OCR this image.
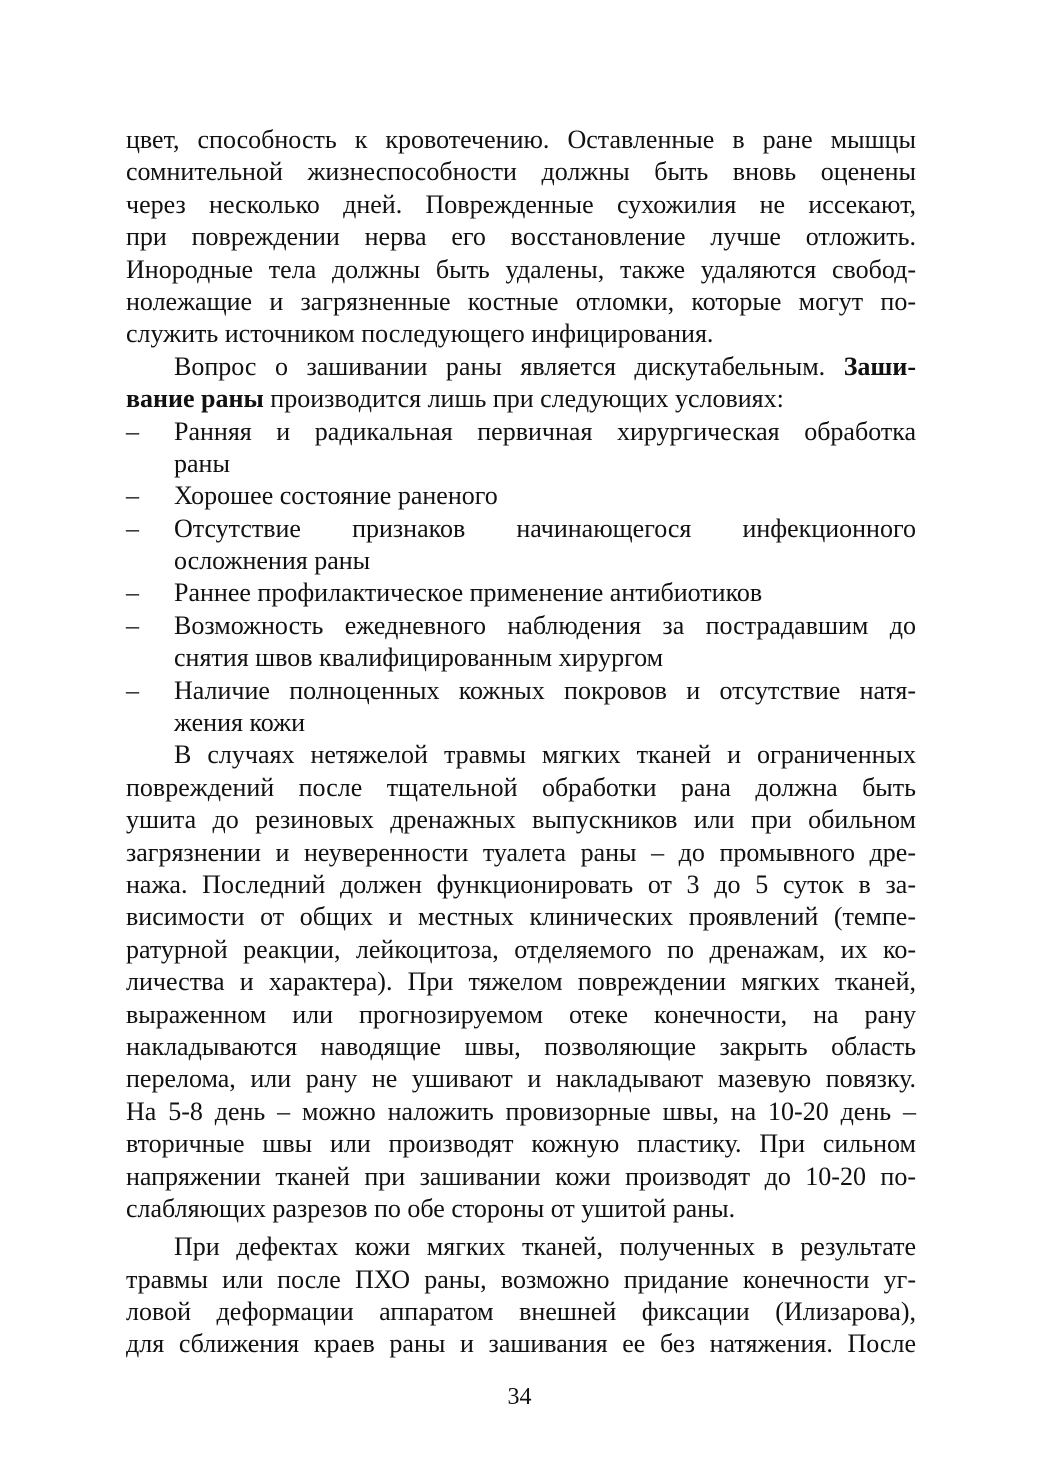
цвет, способность к кровотечению. Оставленные в ране мышцы
сомнительной жизнеспособности должны быть вновь оценены
через несколько дней. Поврежденные сухожилия не иссекают,
при повреждении нерва его восстановление лучше отложить.
Инородные тела должны быть удалены, также удаляются свобод-
нолежащие и загрязненные костные отломки, которые могут по-
служить источником последующего инфицирования.
Вопрос о зашивании раны является дискутабельным. Заши-
вание раны производится лишь при следующих условиях:
– Ранняя и радикальная первичная хирургическая обработка
раны
– Хорошее состояние раненого
– Отсутствие признаков начинающегося инфекционного
осложнения раны
– Раннее профилактическое применение антибиотиков
– Возможность ежедневного наблюдения за пострадавшим до
снятия швов квалифицированным хирургом
– Наличие полноценных кожных покровов и отсутствие натя-
жения кожи
В случаях нетяжелой травмы мягких тканей и ограниченных
повреждений после тщательной обработки рана должна быть
ушита до резиновых дренажных выпускников или при обильном
загрязнении и неуверенности туалета раны – до промывного дре-
нажа. Последний должен функционировать от 3 до 5 суток в за-
висимости от общих и местных клинических проявлений (темпе-
ратурной реакции, лейкоцитоза, отделяемого по дренажам, их ко-
личества и характера). При тяжелом повреждении мягких тканей,
выраженном или прогнозируемом отеке конечности, на рану
накладываются наводящие швы, позволяющие закрыть область
перелома, или рану не ушивают и накладывают мазевую повязку.
На 5-8 день – можно наложить провизорные швы, на 10-20 день –
вторичные швы или производят кожную пластику. При сильном
напряжении тканей при зашивании кожи производят до 10-20 по-
слабляющих разрезов по обе стороны от ушитой раны.
При дефектах кожи мягких тканей, полученных в результате
травмы или после ПХО раны, возможно придание конечности уг-
ловой деформации аппаратом внешней фиксации (Илизарова),
для сближения краев раны и зашивания ее без натяжения. После
34
